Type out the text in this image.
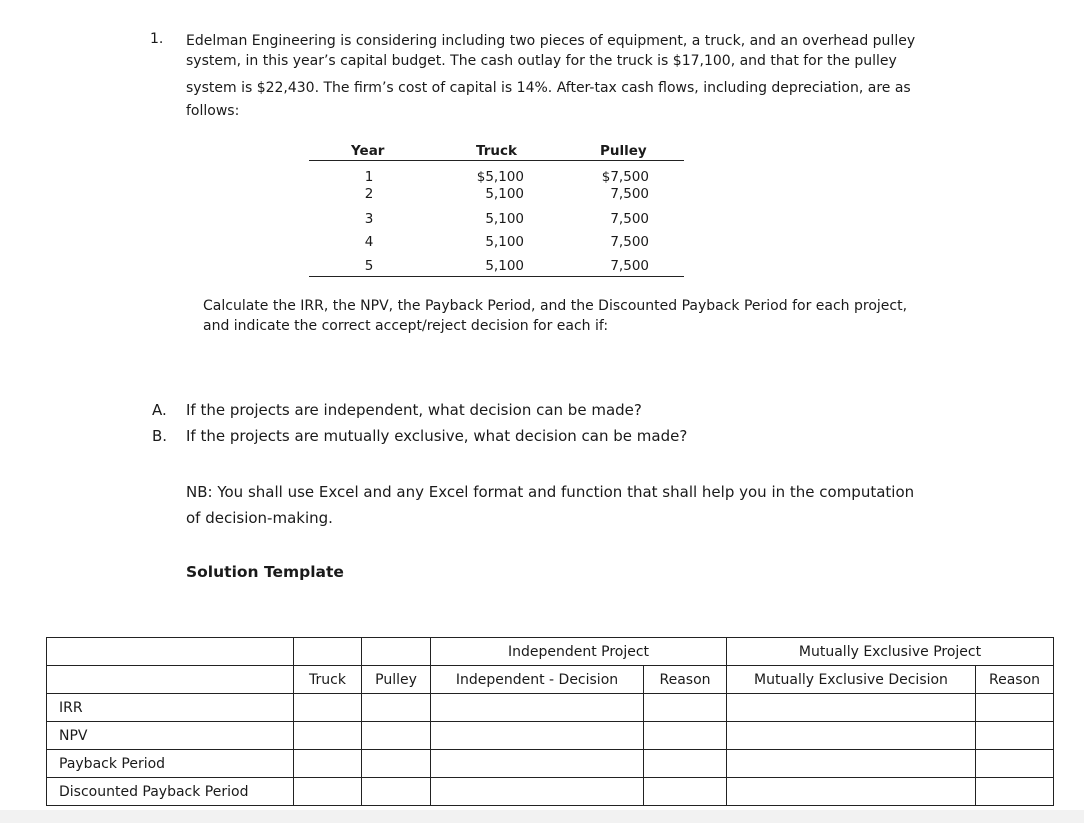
1. Edelman Engineering is considering including two pieces of equipment, a truck, and an overhead pulley
system, in this year’s capital budget. The cash outlay for the truck is $17,100, and that for the pulley
system is $22,430. The firm’s cost of capital is 14%. After-tax cash flows, including depreciation, are as
follows:
Year	Truck	Pulley
1	$5,100	$7,500
2	5,100	7,500
3	5,100	7,500
4	5,100	7,500
5	5,100	7,500
Calculate the IRR, the NPV, the Payback Period, and the Discounted Payback Period for each project,
and indicate the correct accept/reject decision for each if:
A. If the projects are independent, what decision can be made?
B. If the projects are mutually exclusive, what decision can be made?
NB: You shall use Excel and any Excel format and function that shall help you in the computation
of decision-making.
Solution Template
			Independent Project		Mutually Exclusive Project	
	Truck	Pulley	Independent - Decision	Reason	Mutually Exclusive Decision	Reason
IRR						
NPV						
Payback Period						
Discounted Payback Period						
